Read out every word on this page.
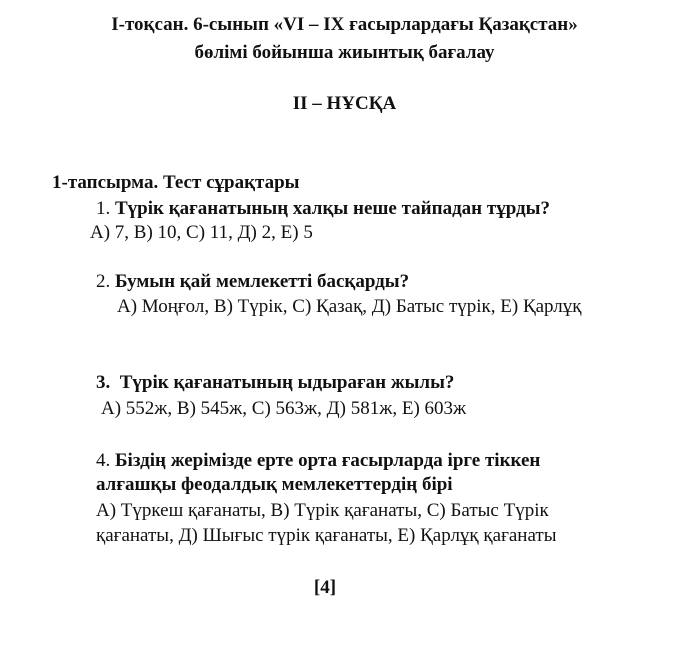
І-тоқсан. 6-сынып «VI – IX ғасырлардағы Қазақстан»
бөлімі бойынша жиынтық бағалау
ІІ – НҰСҚА
1-тапсырма. Тест сұрақтары
1. Түрік қағанатының халқы неше тайпадан тұрды?
А) 7, В) 10, С) 11, Д) 2, Е) 5
2. Бумын қай мемлекетті басқарды?
А) Моңғол, В) Түрік, С) Қазақ, Д) Батыс түрік, Е) Қарлұқ
3. Түрік қағанатының ыдыраған жылы?
А) 552ж, В) 545ж, С) 563ж, Д) 581ж, Е) 603ж
4. Біздің жерімізде ерте орта ғасырларда ірге тіккен
алғашқы феодалдық мемлекеттердің бірі
А) Түркеш қағанаты, В) Түрік қағанаты, С) Батыс Түрік
қағанаты, Д) Шығыс түрік қағанаты, Е) Қарлұқ қағанаты
[4]
